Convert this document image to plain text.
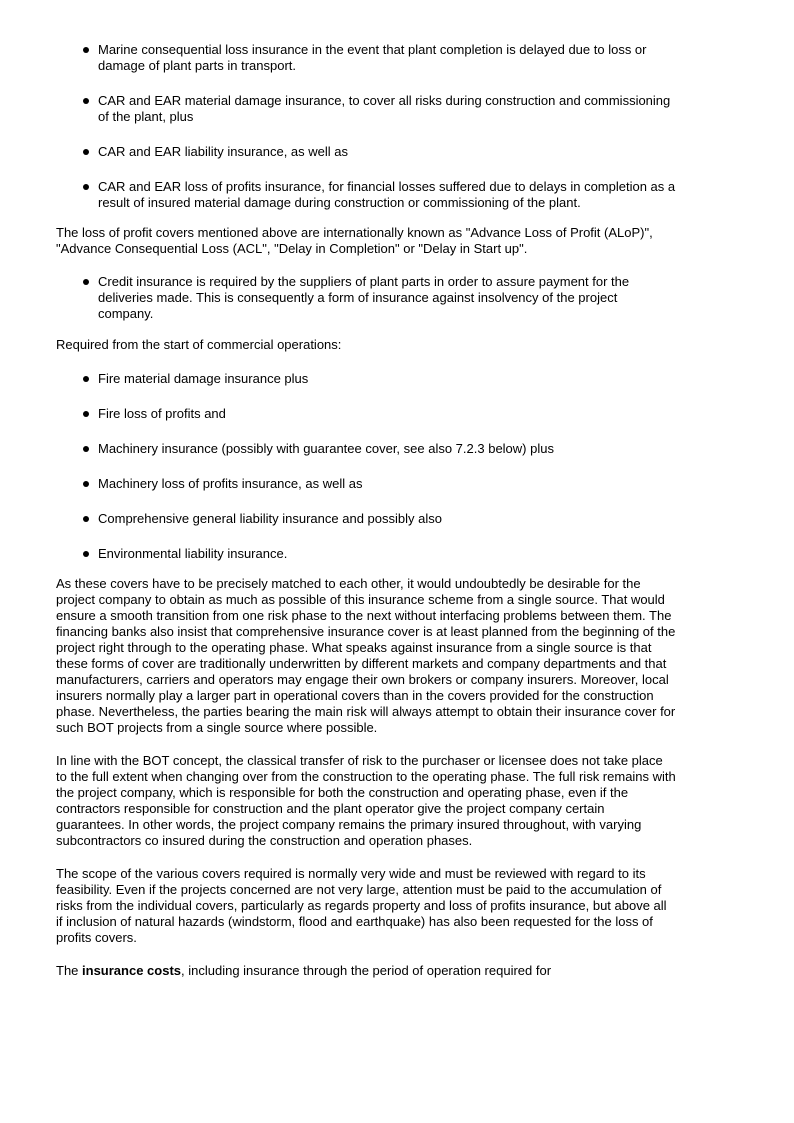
Marine consequential loss insurance in the event that plant completion is delayed due to loss or damage of plant parts in transport.
CAR and EAR material damage insurance, to cover all risks during construction and commissioning of the plant, plus
CAR and EAR liability insurance, as well as
CAR and EAR loss of profits insurance, for financial losses suffered due to delays in completion as a result of insured material damage during construction or commissioning of the plant.

The loss of profit covers mentioned above are internationally known as "Advance Loss of Profit (ALoP)", "Advance Consequential Loss (ACL", "Delay in Completion" or "Delay in Start up".

Credit insurance is required by the suppliers of plant parts in order to assure payment for the deliveries made. This is consequently a form of insurance against insolvency of the project company.

Required from the start of commercial operations:

Fire material damage insurance plus
Fire loss of profits and
Machinery insurance (possibly with guarantee cover, see also 7.2.3 below) plus
Machinery loss of profits insurance, as well as
Comprehensive general liability insurance and possibly also
Environmental liability insurance.

As these covers have to be precisely matched to each other, it would undoubtedly be desirable for the project company to obtain as much as possible of this insurance scheme from a single source. That would ensure a smooth transition from one risk phase to the next without interfacing problems between them. The financing banks also insist that comprehensive insurance cover is at least planned from the beginning of the project right through to the operating phase. What speaks against insurance from a single source is that these forms of cover are traditionally underwritten by different markets and company departments and that manufacturers, carriers and operators may engage their own brokers or company insurers. Moreover, local insurers normally play a larger part in operational covers than in the covers provided for the construction phase. Nevertheless, the parties bearing the main risk will always attempt to obtain their insurance cover for such BOT projects from a single source where possible.

In line with the BOT concept, the classical transfer of risk to the purchaser or licensee does not take place to the full extent when changing over from the construction to the operating phase. The full risk remains with the project company, which is responsible for both the construction and operating phase, even if the contractors responsible for construction and the plant operator give the project company certain guarantees. In other words, the project company remains the primary insured throughout, with varying subcontractors co insured during the construction and operation phases.

The scope of the various covers required is normally very wide and must be reviewed with regard to its feasibility. Even if the projects concerned are not very large, attention must be paid to the accumulation of risks from the individual covers, particularly as regards property and loss of profits insurance, but above all if inclusion of natural hazards (windstorm, flood and earthquake) has also been requested for the loss of profits covers.

The insurance costs, including insurance through the period of operation required for
